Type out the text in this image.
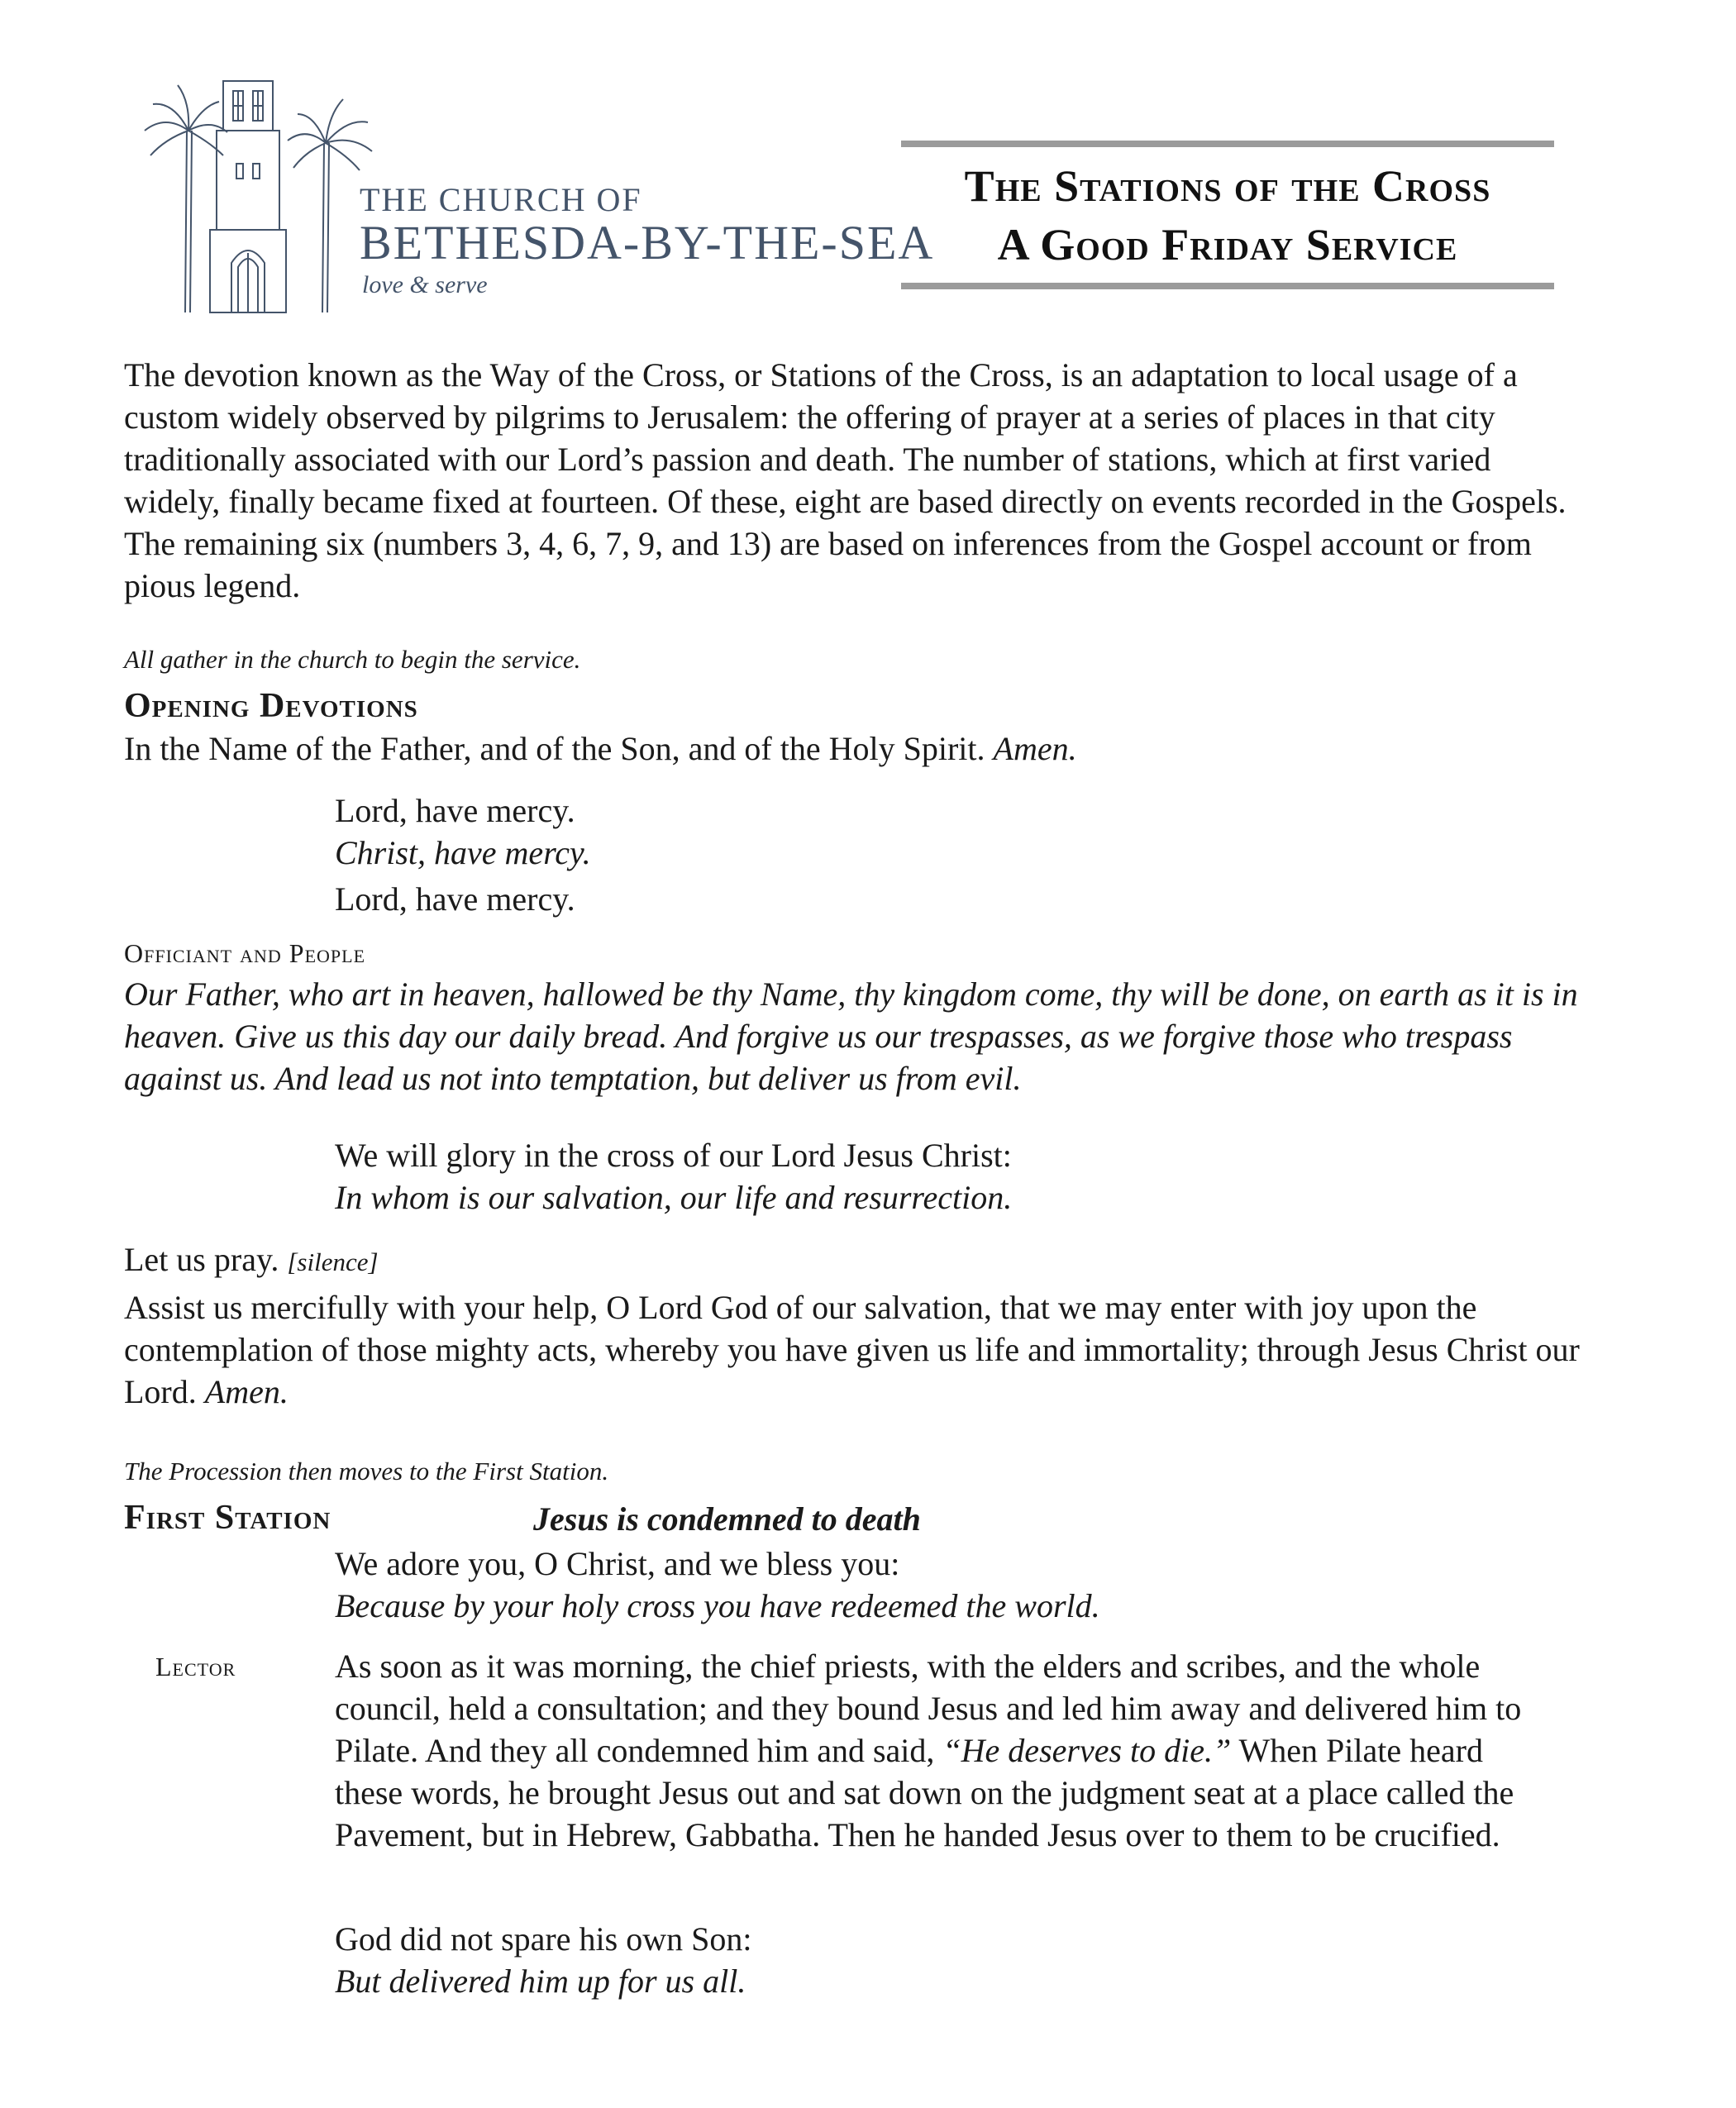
THE CHURCH OF
BETHESDA-BY-THE-SEA
love & serve
The Stations of the Cross
A Good Friday Service
The devotion known as the Way of the Cross, or Stations of the Cross, is an adaptation to local usage of a custom widely observed by pilgrims to Jerusalem: the offering of prayer at a series of places in that city traditionally associated with our Lord’s passion and death. The number of stations, which at first varied widely, finally became fixed at fourteen. Of these, eight are based directly on events recorded in the Gospels. The remaining six (numbers 3, 4, 6, 7, 9, and 13) are based on inferences from the Gospel account or from pious legend.
All gather in the church to begin the service.
Opening Devotions
In the Name of the Father, and of the Son, and of the Holy Spirit. Amen.
Lord, have mercy.
Christ, have mercy.
Lord, have mercy.
Officiant and People
Our Father, who art in heaven, hallowed be thy Name, thy kingdom come, thy will be done, on earth as it is in heaven. Give us this day our daily bread. And forgive us our trespasses, as we forgive those who trespass against us. And lead us not into temptation, but deliver us from evil.
We will glory in the cross of our Lord Jesus Christ:
In whom is our salvation, our life and resurrection.
Let us pray. [silence]
Assist us mercifully with your help, O Lord God of our salvation, that we may enter with joy upon the contemplation of those mighty acts, whereby you have given us life and immortality; through Jesus Christ our Lord. Amen.
The Procession then moves to the First Station.
First Station	Jesus is condemned to death
We adore you, O Christ, and we bless you:
Because by your holy cross you have redeemed the world.
Lector	As soon as it was morning, the chief priests, with the elders and scribes, and the whole council, held a consultation; and they bound Jesus and led him away and delivered him to Pilate. And they all condemned him and said, “He deserves to die.” When Pilate heard these words, he brought Jesus out and sat down on the judgment seat at a place called the Pavement, but in Hebrew, Gabbatha. Then he handed Jesus over to them to be crucified.
God did not spare his own Son:
But delivered him up for us all.
